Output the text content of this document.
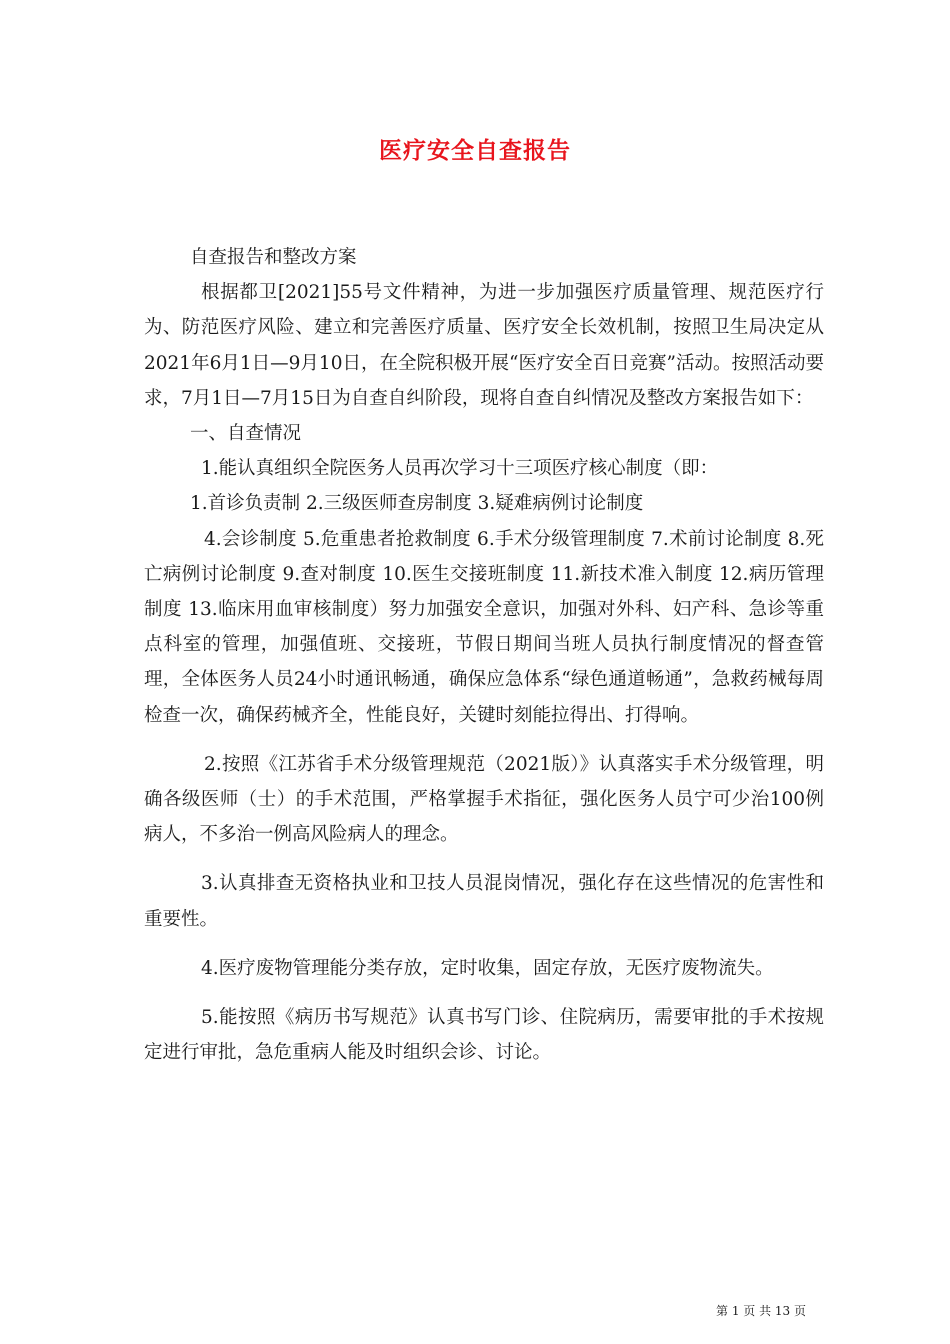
医疗安全自查报告

自查报告和整改方案

根据都卫[2021]55号文件精神，为进一步加强医疗质量管理、规范医疗行为、防范医疗风险、建立和完善医疗质量、医疗安全长效机制，按照卫生局决定从2021年6月1日—9月10日，在全院积极开展“医疗安全百日竞赛”活动。按照活动要求，7月1日—7月15日为自查自纠阶段，现将自查自纠情况及整改方案报告如下：

一、自查情况

1.能认真组织全院医务人员再次学习十三项医疗核心制度（即：

1.首诊负责制 2.三级医师查房制度 3.疑难病例讨论制度

4.会诊制度 5.危重患者抢救制度 6.手术分级管理制度 7.术前讨论制度 8.死亡病例讨论制度 9.查对制度 10.医生交接班制度 11.新技术准入制度 12.病历管理制度 13.临床用血审核制度）努力加强安全意识，加强对外科、妇产科、急诊等重点科室的管理，加强值班、交接班，节假日期间当班人员执行制度情况的督查管理，全体医务人员24小时通讯畅通，确保应急体系“绿色通道畅通”，急救药械每周检查一次，确保药械齐全，性能良好，关键时刻能拉得出、打得响。

2.按照《江苏省手术分级管理规范（2021版）》认真落实手术分级管理，明确各级医师（士）的手术范围，严格掌握手术指征，强化医务人员宁可少治100例病人，不多治一例高风险病人的理念。

3.认真排查无资格执业和卫技人员混岗情况，强化存在这些情况的危害性和重要性。

4.医疗废物管理能分类存放，定时收集，固定存放，无医疗废物流失。

5.能按照《病历书写规范》认真书写门诊、住院病历，需要审批的手术按规定进行审批，急危重病人能及时组织会诊、讨论。

第 1 页 共 13 页
